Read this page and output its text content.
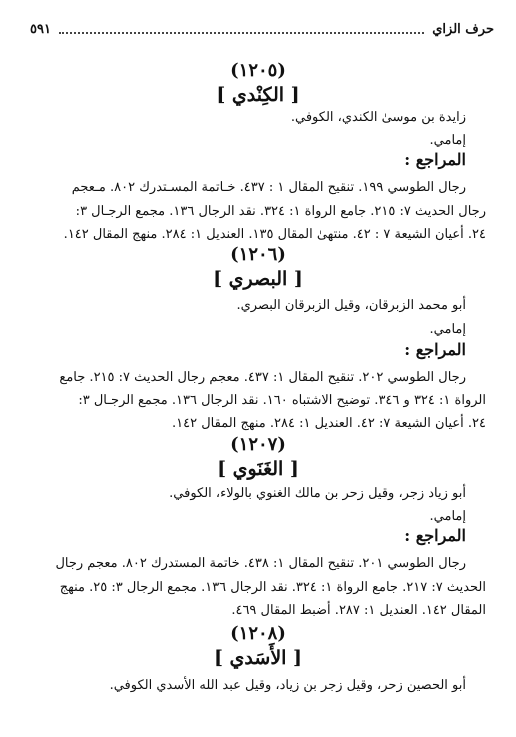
حرف الزاي
٥٩١
(١٢٠٥)
[ الكِنْدي ]
زايدة بن موسىٰ الكندي، الكوفي.
إمامي.
المراجع :
رجال الطوسي ١٩٩. تنقيح المقال ١ : ٤٣٧. خـاتمة المسـتدرك ٨٠٢. مـعجم
رجال الحديث ٧: ٢١٥. جامع الرواة ١: ٣٢٤. نقد الرجال ١٣٦. مجمع الرجـال ٣:
٢٤. أعيان الشيعة ٧ : ٤٢. منتهىٰ المقال ١٣٥. العنديل ١: ٢٨٤. منهج المقال ١٤٢.
(١٢٠٦)
[ البصري ]
أبو محمد الزبرقان، وقيل الزبرقان البصري.
إمامي.
المراجع :
رجال الطوسي ٢٠٢. تنقيح المقال ١: ٤٣٧. معجم رجال الحديث ٧: ٢١٥. جامع
الرواة ١: ٣٢٤ و ٣٤٦. توضيح الاشتباه ١٦٠. نقد الرجال ١٣٦. مجمع الرجـال ٣:
٢٤. أعيان الشيعة ٧: ٤٢. العنديل ١: ٢٨٤. منهج المقال ١٤٢.
(١٢٠٧)
[ الغَنَوي ]
أبو زياد زجر، وقيل زحر بن مالك الغنوي بالولاء، الكوفي.
إمامي.
المراجع :
رجال الطوسي ٢٠١. تنقيح المقال ١: ٤٣٨. خاتمة المستدرك ٨٠٢. معجم رجال
الحديث ٧: ٢١٧. جامع الرواة ١: ٣٢٤. نقد الرجال ١٣٦. مجمع الرجال ٣: ٢٥. منهج
المقال ١٤٢. العنديل ١: ٢٨٧. أضبط المقال ٤٦٩.
(١٢٠٨)
[ الأَسَدي ]
أبو الحصين زحر، وقيل زجر بن زياد، وقيل عبد الله الأسدي الكوفي.
